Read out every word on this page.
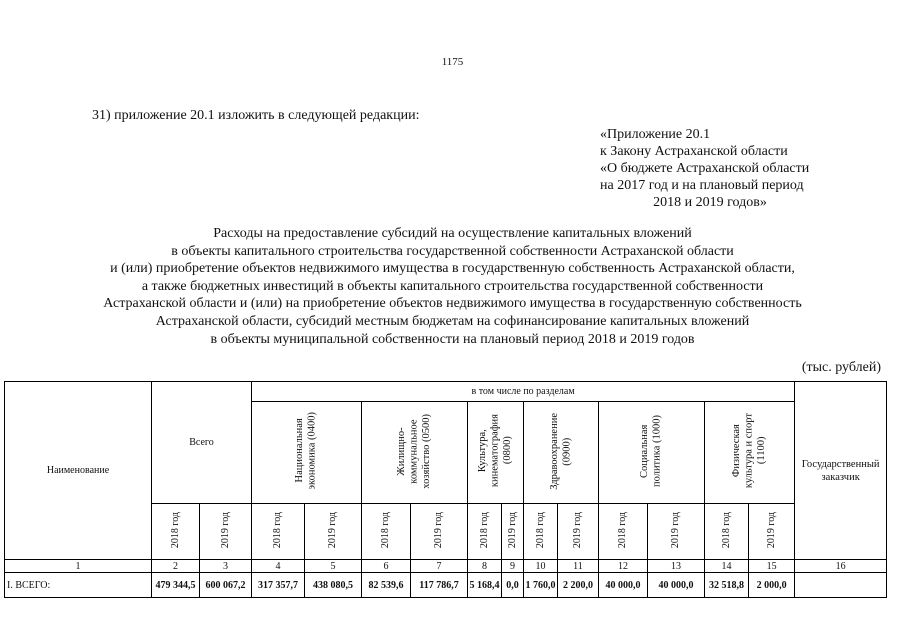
1175
31) приложение 20.1 изложить в следующей редакции:
«Приложение 20.1
к Закону Астраханской области
«О бюджете Астраханской области
на 2017 год и на плановый период
2018 и 2019 годов»
Расходы на предоставление субсидий на осуществление капитальных вложений
в объекты капитального строительства государственной собственности Астраханской области
и (или) приобретение объектов недвижимого имущества в государственную собственность Астраханской области,
а также бюджетных инвестиций в объекты капитального строительства государственной собственности
Астраханской области и (или) на приобретение объектов недвижимого имущества в государственную собственность
Астраханской области, субсидий местным бюджетам на софинансирование капитальных вложений
в объекты муниципальной собственности на плановый период 2018 и 2019 годов
(тыс. рублей)
Наименование	Всего		в том числе по разделам												Государственный заказчик
			Национальная экономика (0400)		Жилищно- коммунальное хозяйство (0500)		Культура, кинематография (0800)		Здравоохранение (0900)		Социальная политика (1000)		Физическая культура и спорт (1100)		
	2018 год	2019 год	2018 год	2019 год	2018 год	2019 год	2018 год	2019 год	2018 год	2019 год	2018 год	2019 год	2018 год	2019 год	
1	2	3	4	5	6	7	8	9	10	11	12	13	14	15	16
I. ВСЕГО:	479 344,5	600 067,2	317 357,7	438 080,5	82 539,6	117 786,7	5 168,4	0,0	1 760,0	2 200,0	40 000,0	40 000,0	32 518,8	2 000,0	
